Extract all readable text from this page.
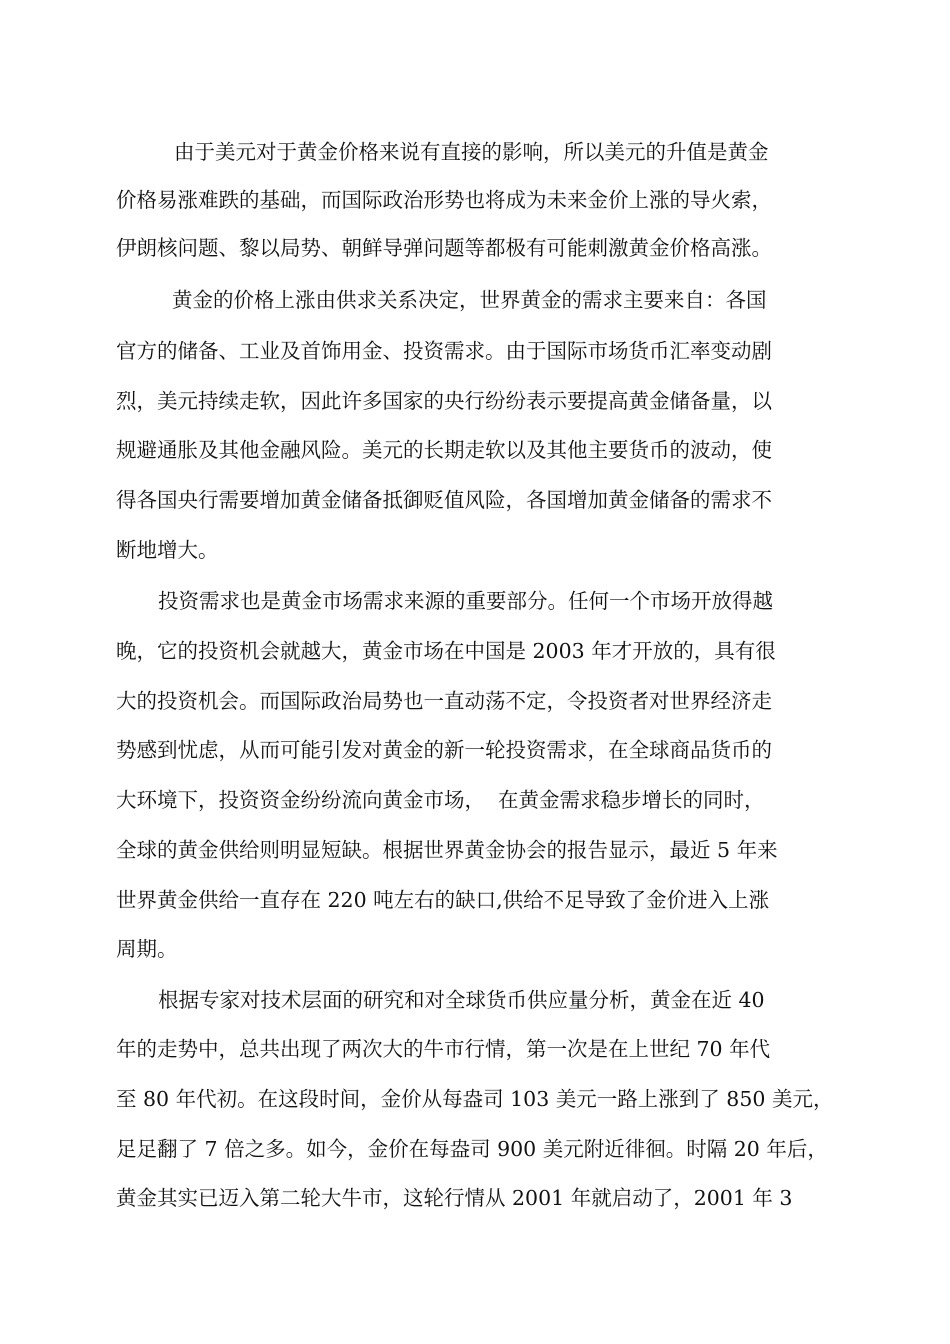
由于美元对于黄金价格来说有直接的影响，所以美元的升值是黄金
价格易涨难跌的基础，而国际政治形势也将成为未来金价上涨的导火索，
伊朗核问题、黎以局势、朝鲜导弹问题等都极有可能刺激黄金价格高涨。
黄金的价格上涨由供求关系决定，世界黄金的需求主要来自：各国
官方的储备、工业及首饰用金、投资需求。由于国际市场货币汇率变动剧
烈，美元持续走软，因此许多国家的央行纷纷表示要提高黄金储备量，以
规避通胀及其他金融风险。美元的长期走软以及其他主要货币的波动，使
得各国央行需要增加黄金储备抵御贬值风险，各国增加黄金储备的需求不
断地增大。
投资需求也是黄金市场需求来源的重要部分。任何一个市场开放得越
晚，它的投资机会就越大，黄金市场在中国是 2003 年才开放的，具有很
大的投资机会。而国际政治局势也一直动荡不定，令投资者对世界经济走
势感到忧虑，从而可能引发对黄金的新一轮投资需求，在全球商品货币的
大环境下，投资资金纷纷流向黄金市场，  在黄金需求稳步增长的同时，
全球的黄金供给则明显短缺。根据世界黄金协会的报告显示，最近 5 年来
世界黄金供给一直存在 220 吨左右的缺口,供给不足导致了金价进入上涨
周期。
根据专家对技术层面的研究和对全球货币供应量分析，黄金在近 40
年的走势中，总共出现了两次大的牛市行情，第一次是在上世纪 70 年代
至 80 年代初。在这段时间，金价从每盎司 103 美元一路上涨到了 850 美元，
足足翻了 7 倍之多。如今，金价在每盎司 900 美元附近徘徊。时隔 20 年后，
黄金其实已迈入第二轮大牛市，这轮行情从 2001 年就启动了，2001 年 3
